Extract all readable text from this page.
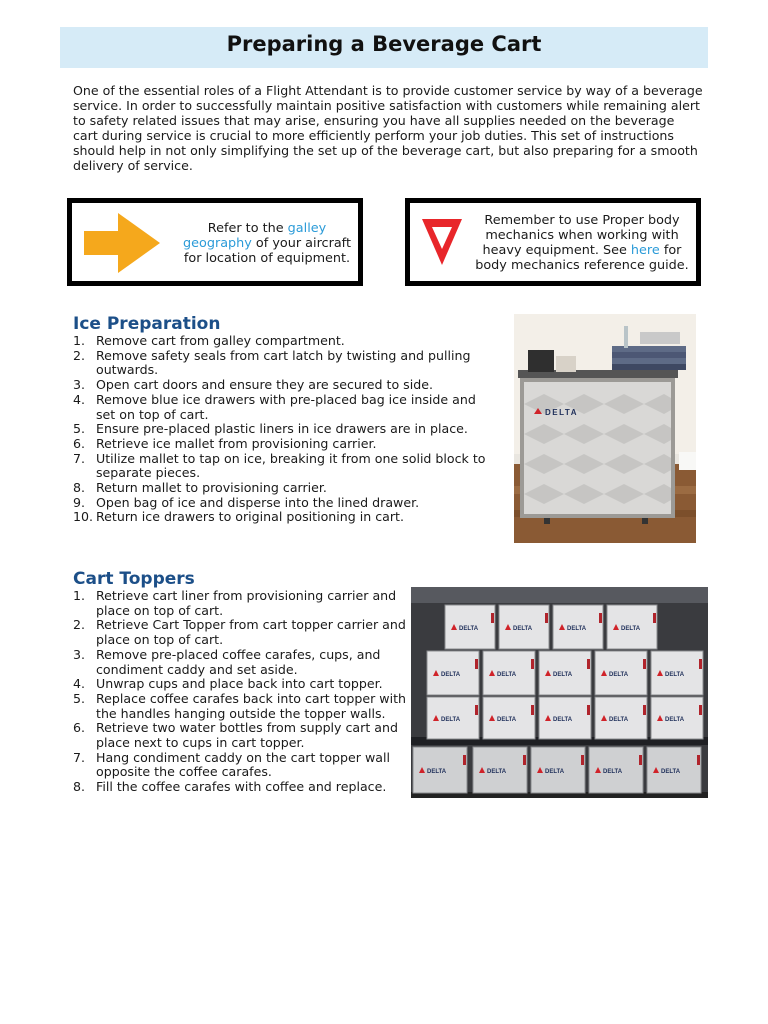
Preparing a Beverage Cart

One of the essential roles of a Flight Attendant is to provide customer service by way of a beverage service. In order to successfully maintain positive satisfaction with customers while remaining alert to safety related issues that may arise, ensuring you have all supplies needed on the beverage cart during service is crucial to more efficiently perform your job duties. This set of instructions should help in not only simplifying the set up of the beverage cart, but also preparing for a smooth delivery of service.

Refer to the galley geography of your aircraft for location of equipment.
Remember to use Proper body mechanics when working with heavy equipment. See here for body mechanics reference guide.
Ice Preparation
1. Remove cart from galley compartment.
2. Remove safety seals from cart latch by twisting and pulling outwards.
3. Open cart doors and ensure they are secured to side.
4. Remove blue ice drawers with pre-placed bag ice inside and set on top of cart.
5. Ensure pre-placed plastic liners in ice drawers are in place.
6. Retrieve ice mallet from provisioning carrier.
7. Utilize mallet to tap on ice, breaking it from one solid block to separate pieces.
8. Return mallet to provisioning carrier.
9. Open bag of ice and disperse into the lined drawer.
10. Return ice drawers to original positioning in cart.
DELTA
Cart Toppers
1. Retrieve cart liner from provisioning carrier and place on top of cart.
2. Retrieve Cart Topper from cart topper carrier and place on top of cart.
3. Remove pre-placed coffee carafes, cups, and condiment caddy and set aside.
4. Unwrap cups and place back into cart topper.
5. Replace coffee carafes back into cart topper with the handles hanging outside the topper walls.
6. Retrieve two water bottles from supply cart and place next to cups in cart topper.
7. Hang condiment caddy on the cart topper wall opposite the coffee carafes.
8. Fill the coffee carafes with coffee and replace.
DELTA	DELTA	DELTA	DELTA
DELTA	DELTA	DELTA	DELTA	DELTA
DELTA	DELTA	DELTA	DELTA	DELTA
DELTA	DELTA	DELTA	DELTA	DELTA
